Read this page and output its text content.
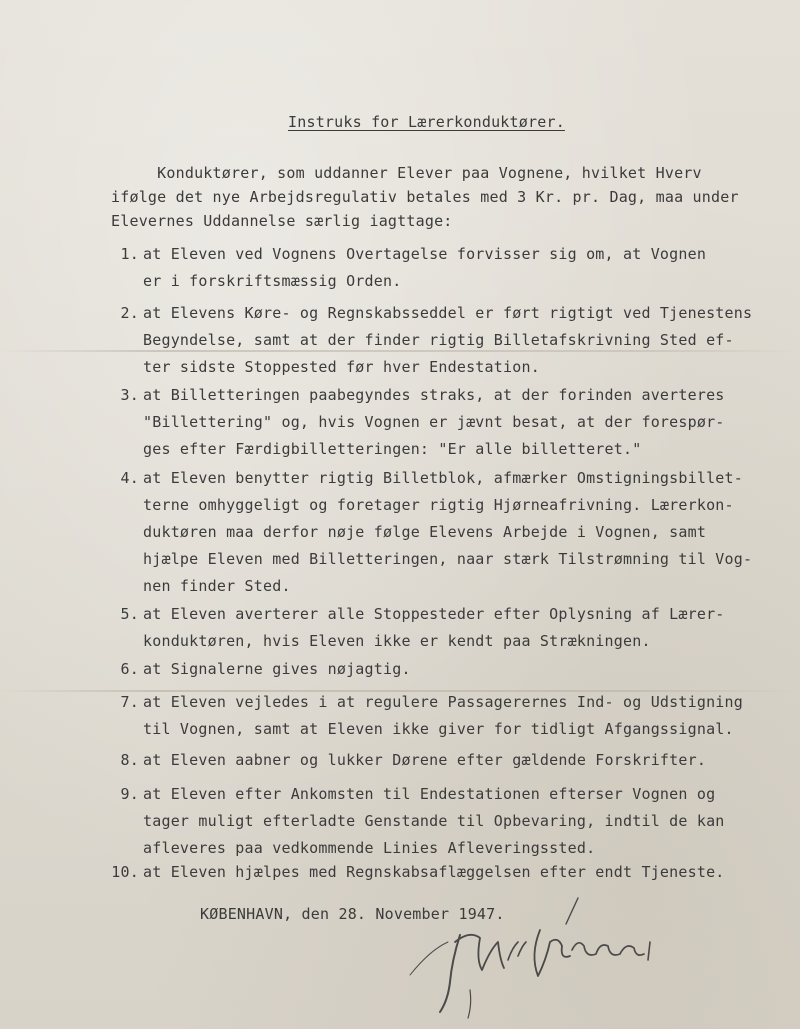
Instruks for Lærerkonduktører.
Konduktører, som uddanner Elever paa Vognene, hvilket Hverv
ifølge det nye Arbejdsregulativ betales med 3 Kr. pr. Dag, maa under
Elevernes Uddannelse særlig iagttage:
1. at Eleven ved Vognens Overtagelse forvisser sig om, at Vognen
er i forskriftsmæssig Orden.
2. at Elevens Køre- og Regnskabsseddel er ført rigtigt ved Tjenestens
Begyndelse, samt at der finder rigtig Billetafskrivning Sted ef-
ter sidste Stoppested før hver Endestation.
3. at Billetteringen paabegyndes straks, at der forinden averteres
"Billettering" og, hvis Vognen er jævnt besat, at der forespør-
ges efter Færdigbilletteringen: "Er alle billetteret."
4. at Eleven benytter rigtig Billetblok, afmærker Omstigningsbillet-
terne omhyggeligt og foretager rigtig Hjørneafrivning. Lærerkon-
duktøren maa derfor nøje følge Elevens Arbejde i Vognen, samt
hjælpe Eleven med Billetteringen, naar stærk Tilstrømning til Vog-
nen finder Sted.
5. at Eleven averterer alle Stoppesteder efter Oplysning af Lærer-
konduktøren, hvis Eleven ikke er kendt paa Strækningen.
6. at Signalerne gives nøjagtig.
7. at Eleven vejledes i at regulere Passagerernes Ind- og Udstigning
til Vognen, samt at Eleven ikke giver for tidligt Afgangssignal.
8. at Eleven aabner og lukker Dørene efter gældende Forskrifter.
9. at Eleven efter Ankomsten til Endestationen efterser Vognen og
tager muligt efterladte Genstande til Opbevaring, indtil de kan
afleveres paa vedkommende Linies Afleveringssted.
10. at Eleven hjælpes med Regnskabsaflæggelsen efter endt Tjeneste.
KØBENHAVN, den 28. November 1947.
